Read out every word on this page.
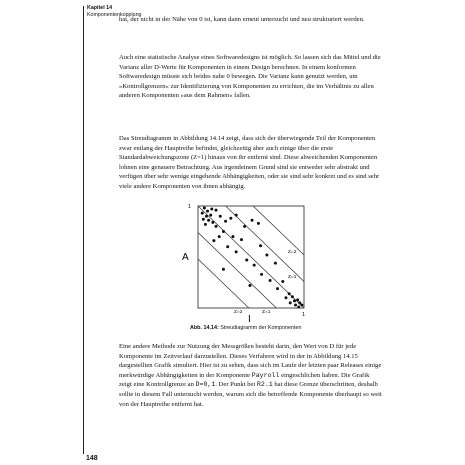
Kapitel 14
Komponentenkopplung

hat, der nicht in der Nähe von 0 ist, kann dann erneut untersucht und neu strukturiert werden.

Auch eine statistische Analyse eines Softwaredesigns ist möglich. So lassen sich das Mittel und die Varianz aller D-Werte für Komponenten in einem Design berechnen. In einem konformen Softwaredesign müsste sich beides nahe 0 bewegen. Die Varianz kann genutzt werden, um »Kontrollgrenzen« zur Identifizierung von Komponenten zu errichten, die im Verhältnis zu allen anderen Komponenten »aus dem Rahmen« fallen.

Das Streudiagramm in Abbildung 14.14 zeigt, dass sich der überwiegende Teil der Komponenten zwar entlang der Hauptreihe befindet, gleichzeitig aber auch einige über die erste Standardabweichungszone (Z=1) hinaus von ihr entfernt sind. Diese abweichenden Komponenten lohnen eine genauere Betrachtung. Aus irgendeinem Grund sind sie entweder sehr abstrakt und verfügen über sehr wenige eingehende Abhängigkeiten, oder sie sind sehr konkret und es sind sehr viele andere Komponenten von ihnen abhängig.

1
1
A
I
Z=2
Z=1
Z=1
Z=2
Abb. 14.14: Streudiagramm der Komponenten

Eine andere Methode zur Nutzung der Messgrößen besteht darin, den Wert von D für jede Komponente im Zeitverlauf darzustellen. Dieses Verfahren wird in der in Abbildung 14.15 dargestellten Grafik simuliert. Hier ist zu sehen, dass sich im Laufe der letzten paar Releases einige merkwürdige Abhängigkeiten in der Komponente Payroll eingeschlichen haben. Die Grafik zeigt eine Kontrollgrenze an D=0,1. Der Punkt bei R2.1 hat diese Grenze überschritten, deshalb sollte in diesem Fall untersucht werden, warum sich die betreffende Komponente überhaupt so weit von der Hauptreihe entfernt hat.

148
